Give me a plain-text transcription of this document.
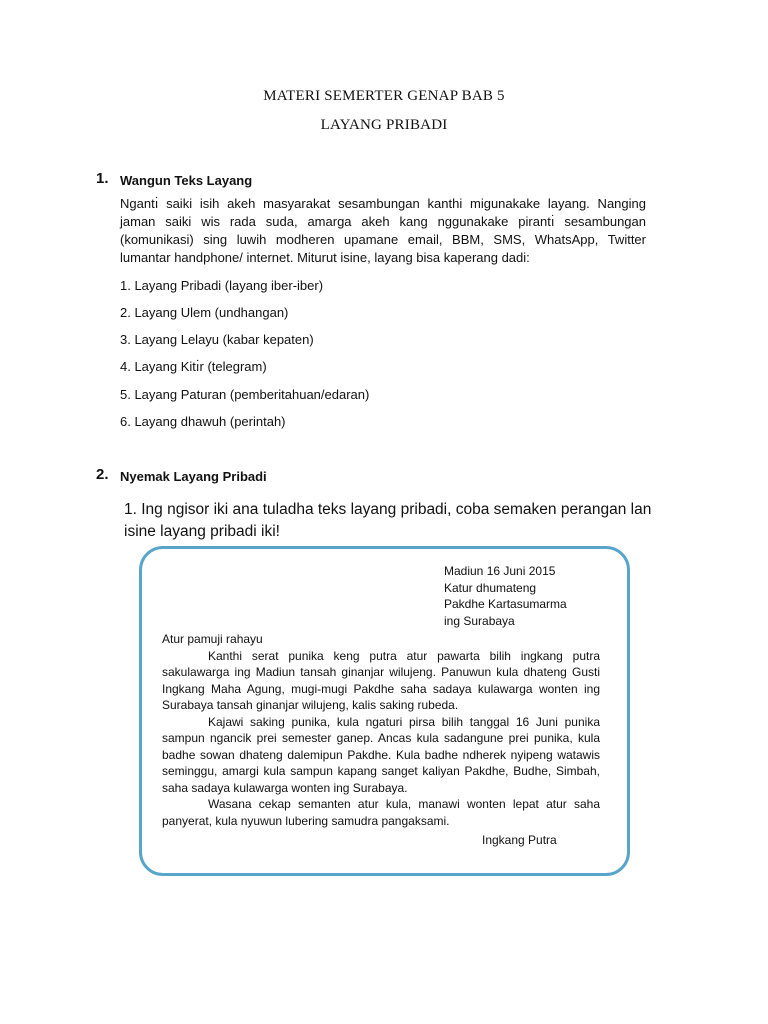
MATERI SEMERTER GENAP BAB 5
LAYANG PRIBADI
1. Wangun Teks Layang
Ngantı̇ saiki isih akeh masyarakat sesambungan kanthi migunakake layang. Nanging jaman saiki wis rada suda, amarga akeh kang nggunakake pirantı̇ sesambungan (komunikasi) sing luwih modheren upamane email, BBM, SMS, WhatsApp, Twitter lumantar handphone/ internet. Miturut isine, layang bisa kaperang dadi:
1. Layang Pribadi (layang iber-iber)
2. Layang Ulem (undhangan)
3. Layang Lelayu (kabar kepaten)
4. Layang Kitı̇r (telegram)
5. Layang Paturan (pemberitahuan/edaran)
6. Layang dhawuh (perintah)
2. Nyemak Layang Pribadi
1. Ing ngisor iki ana tuladha teks layang pribadi, coba semaken perangan lan isine layang pribadi iki!
Madiun 16 Juni 2015
Katur dhumateng
Pakdhe Kartasumarma
ing Surabaya

Atur pamuji rahayu

Kanthi serat punika keng putra atur pawarta bilih ingkang putra sakulawarga ing Madiun tansah ginanjar wilujeng. Panuwun kula dhateng Gusti Ingkang Maha Agung, mugi-mugi Pakdhe saha sadaya kulawarga wonten ing Surabaya tansah ginanjar wilujeng, kalis saking rubeda.

Kajawi saking punika, kula ngaturi pirsa bilih tanggal 16 Juni punika sampun ngancik prei semester ganep. Ancas kula sadangune prei punika, kula badhe sowan dhateng dalemipun Pakdhe. Kula badhe ndherek nyipeng watawis seminggu, amargi kula sampun kapang sanget kaliyan Pakdhe, Budhe, Simbah, saha sadaya kulawarga wonten ing Surabaya.

Wasana cekap semanten atur kula, manawi wonten lepat atur saha panyerat, kula nyuwun lubering samudra pangaksami.

Ingkang Putra
